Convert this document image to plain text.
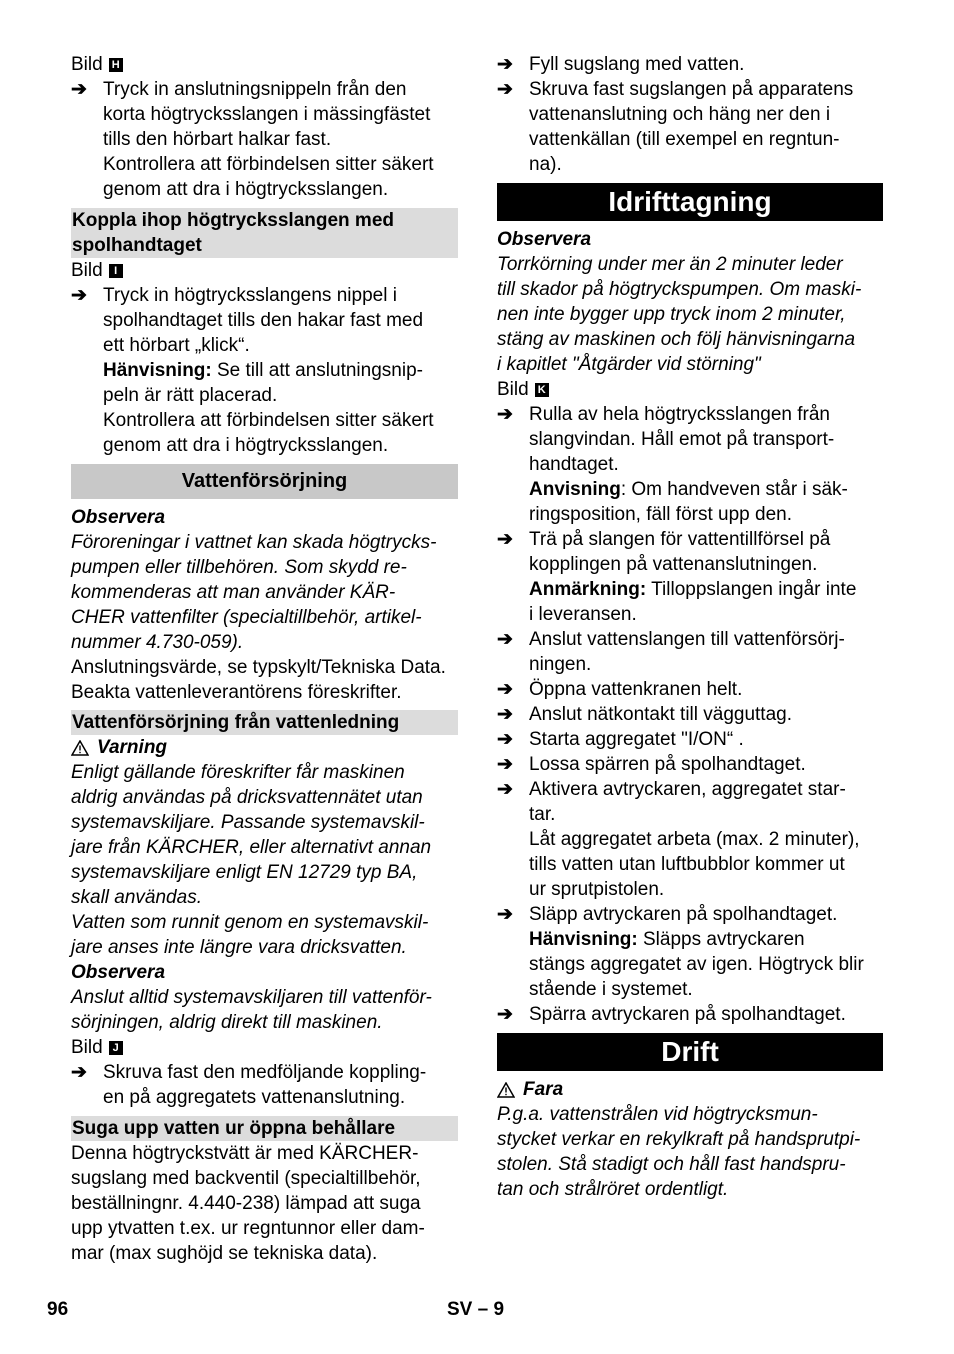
Bild H

➔ Tryck in anslutningsnippeln från den

korta högtrycksslangen i mässingfästet

tills den hörbart halkar fast.

Kontrollera att förbindelsen sitter säkert

genom att dra i högtrycksslangen.

Koppla ihop högtrycksslangen med

spolhandtaget

Bild	I

➔ Tryck in högtrycksslangens nippel i

spolhandtaget tills den hakar fast med

ett hörbart „klick“.

Hänvisning: Se till att anslutningsnip-

peln är rätt placerad.

Kontrollera att förbindelsen sitter säkert

genom att dra i högtrycksslangen.

Vattenförsörjning

Observera

Föroreningar i vattnet kan skada högtrycks-

pumpen eller tillbehören. Som skydd re-

kommenderas att man använder KÄR-

CHER vattenfilter (specialtillbehör, artikel-

nummer 4.730-059).

Anslutningsvärde, se typskylt/Tekniska Data.

Beakta vattenleverantörens föreskrifter.

Vattenförsörjning från vattenledning

Varning

Enligt gällande föreskrifter får maskinen

aldrig användas på dricksvattennätet utan

systemavskiljare. Passande systemavskil-

jare från KÄRCHER, eller alternativt annan

systemavskiljare enligt EN 12729 typ BA,

skall användas.

Vatten som runnit genom en systemavskil-

jare anses inte längre vara dricksvatten.

Observera

Anslut alltid systemavskiljaren till vattenför-

sörjningen, aldrig direkt till maskinen.

Bild J

➔ Skruva fast den medföljande koppling-

en på aggregatets vattenanslutning.

Suga upp vatten ur öppna behållare

Denna högtryckstvätt är med KÄRCHER-

sugslang med backventil (specialtillbehör,

beställningnr. 4.440-238) lämpad att suga

upp ytvatten t.ex. ur regntunnor eller dam-

mar (max sughöjd se tekniska data).

➔ Fyll sugslang med vatten.

➔ Skruva fast sugslangen på apparatens

vattenanslutning och häng ner den i

vattenkällan (till exempel en regntun-

na).

Idrifttagning

Observera

Torrkörning under mer än 2 minuter leder

till skador på högtryckspumpen. Om maski-

nen inte bygger upp tryck inom 2 minuter,

stäng av maskinen och följ hänvisningarna

i kapitlet "Åtgärder vid störning"

Bild K

➔ Rulla av hela högtrycksslangen från

slangvindan. Håll emot på transport-

handtaget.

Anvisning: Om handveven står i säk-

ringsposition, fäll först upp den.

➔ Trä på slangen för vattentillförsel på

kopplingen på vattenanslutningen.

Anmärkning: Tilloppslangen ingår inte

i leveransen.

➔ Anslut vattenslangen till vattenförsörj-

ningen.

➔ Öppna vattenkranen helt.

➔ Anslut nätkontakt till vägguttag.

➔ Starta aggregatet "I/ON“ .

➔ Lossa spärren på spolhandtaget.

➔ Aktivera avtryckaren, aggregatet star-

tar.

Låt aggregatet arbeta (max. 2 minuter),

tills vatten utan luftbubblor kommer ut

ur sprutpistolen.

➔ Släpp avtryckaren på spolhandtaget.

Hänvisning: Släpps avtryckaren

stängs aggregatet av igen. Högtryck blir

stående i systemet.

➔ Spärra avtryckaren på spolhandtaget.

Drift

Fara

P.g.a. vattenstrålen vid högtrycksmun-

stycket verkar en rekylkraft på handsprutpi-

stolen. Stå stadigt och håll fast handspru-

tan och strålröret ordentligt.

96	SV – 9
